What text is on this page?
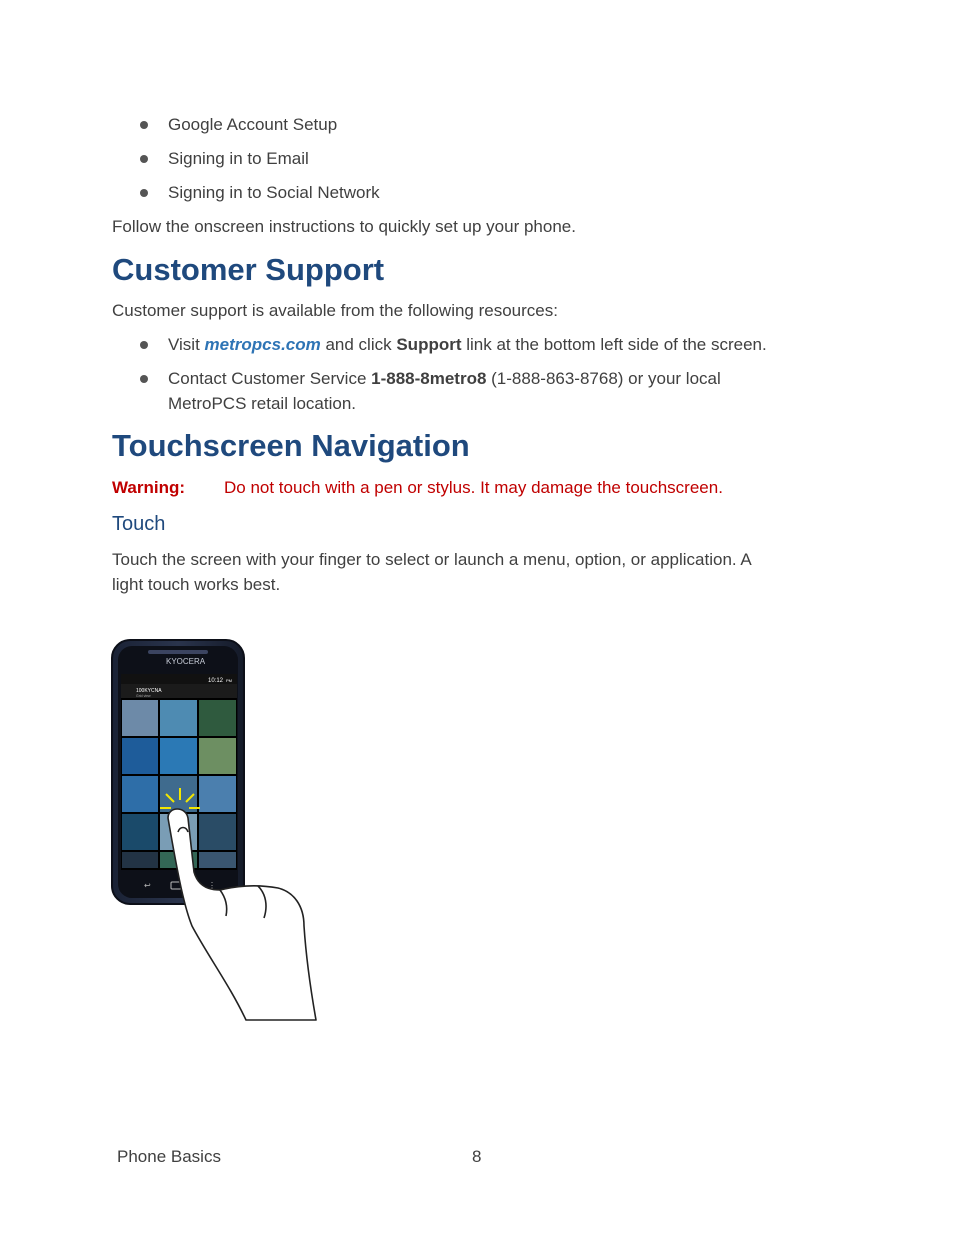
Google Account Setup
Signing in to Email
Signing in to Social Network

Follow the onscreen instructions to quickly set up your phone.

Customer Support

Customer support is available from the following resources:

Visit metropcs.com and click Support link at the bottom left side of the screen.
Contact Customer Service 1-888-8metro8 (1-888-863-8768) or your local
MetroPCS retail location.
Touchscreen Navigation
Warning: Do not touch with a pen or stylus. It may damage the touchscreen.
Touch

Touch the screen with your finger to select or launch a menu, option, or application. A
light touch works best.

KYOCERA
10:12 PM
100KYCNA
Grid view
↩	⋮
Phone Basics	8
